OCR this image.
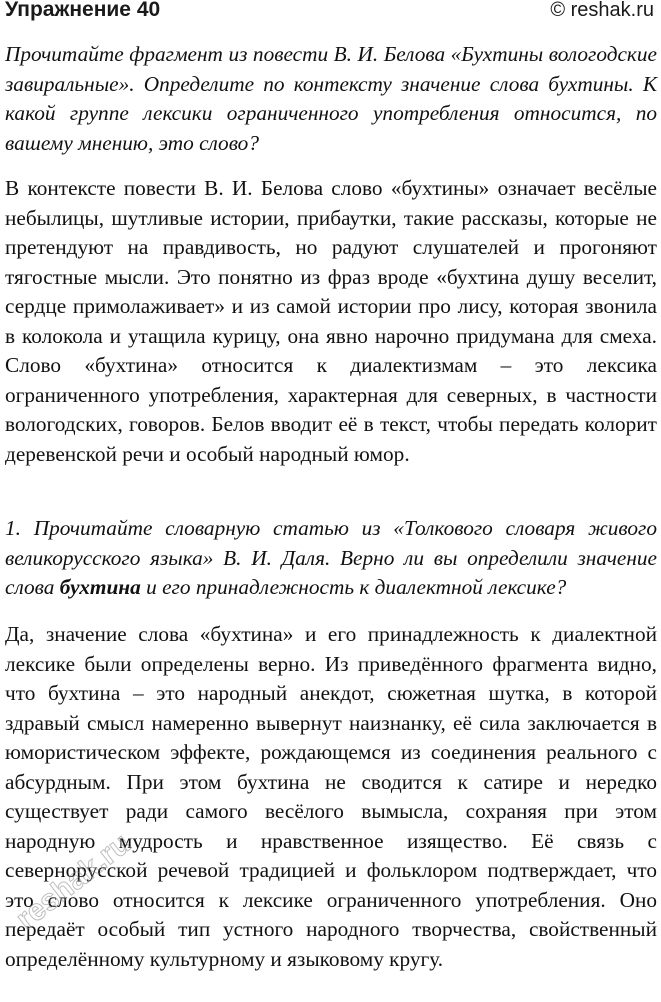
Упражнение 40	© reshak.ru
Прочитайте фрагмент из повести В. И. Белова «Бухтины вологодские завиральные». Определите по контексту значение слова бухтины. К какой группе лексики ограниченного употребления относится, по вашему мнению, это слово?
В контексте повести В. И. Белова слово «бухтины» означает весёлые небылицы, шутливые истории, прибаутки, такие рассказы, которые не претендуют на правдивость, но радуют слушателей и прогоняют тягостные мысли. Это понятно из фраз вроде «бухтина душу веселит, сердце примолаживает» и из самой истории про лису, которая звонила в колокола и утащила курицу, она явно нарочно придумана для смеха. Слово «бухтина» относится к диалектизмам – это лексика ограниченного употребления, характерная для северных, в частности вологодских, говоров. Белов вводит её в текст, чтобы передать колорит деревенской речи и особый народный юмор.
1. Прочитайте словарную статью из «Толкового словаря живого великорусского языка» В. И. Даля. Верно ли вы определили значение слова бухтина и его принадлежность к диалектной лексике?
Да, значение слова «бухтина» и его принадлежность к диалектной лексике были определены верно. Из приведённого фрагмента видно, что бухтина – это народный анекдот, сюжетная шутка, в которой здравый смысл намеренно вывернут наизнанку, её сила заключается в юмористическом эффекте, рождающемся из соединения реального с абсурдным. При этом бухтина не сводится к сатире и нередко существует ради самого весёлого вымысла, сохраняя при этом народную мудрость и нравственное изящество. Её связь с севернорусской речевой традицией и фольклором подтверждает, что это слово относится к лексике ограниченного употребления. Оно передаёт особый тип устного народного творчества, свойственный определённому культурному и языковому кругу.
reshak.ru
